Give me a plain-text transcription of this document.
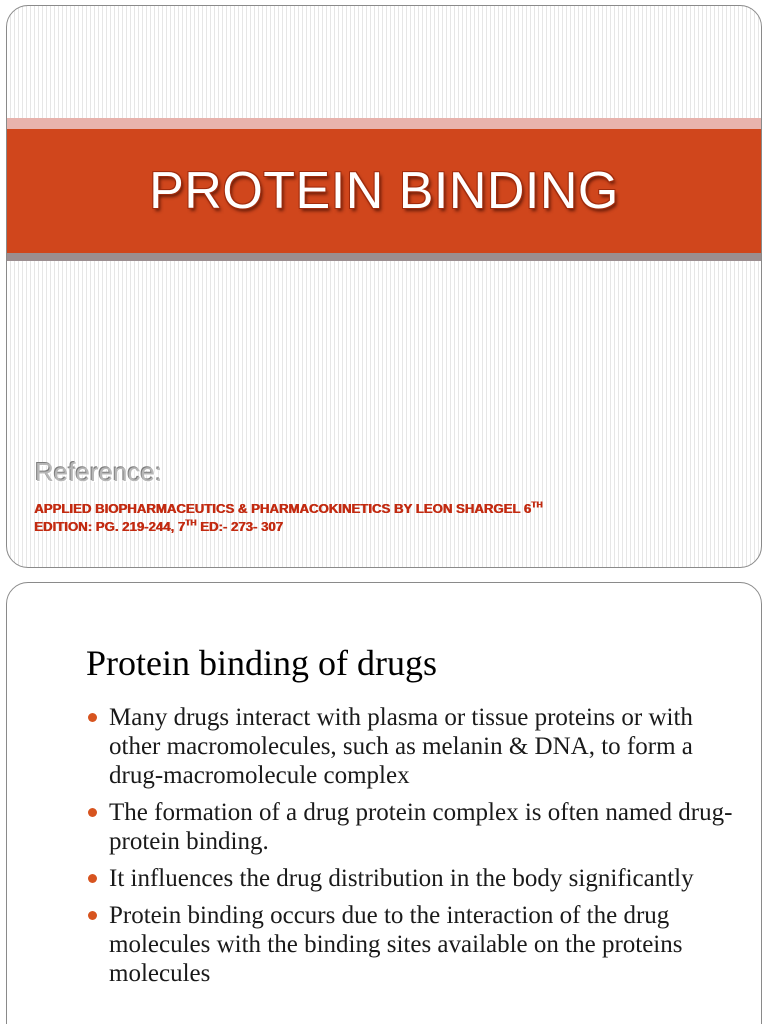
PROTEIN BINDING
Reference:
APPLIED BIOPHARMACEUTICS & PHARMACOKINETICS BY LEON SHARGEL 6TH
EDITION: PG. 219-244, 7TH ED:- 273- 307
Protein binding of drugs
Many drugs interact with plasma or tissue proteins or with other macromolecules, such as melanin & DNA, to form a drug-macromolecule complex
The formation of a drug protein complex is often named drug-protein binding.
It influences the drug distribution in the body significantly
Protein binding occurs due to the interaction of the drug molecules with the binding sites available on the proteins molecules
